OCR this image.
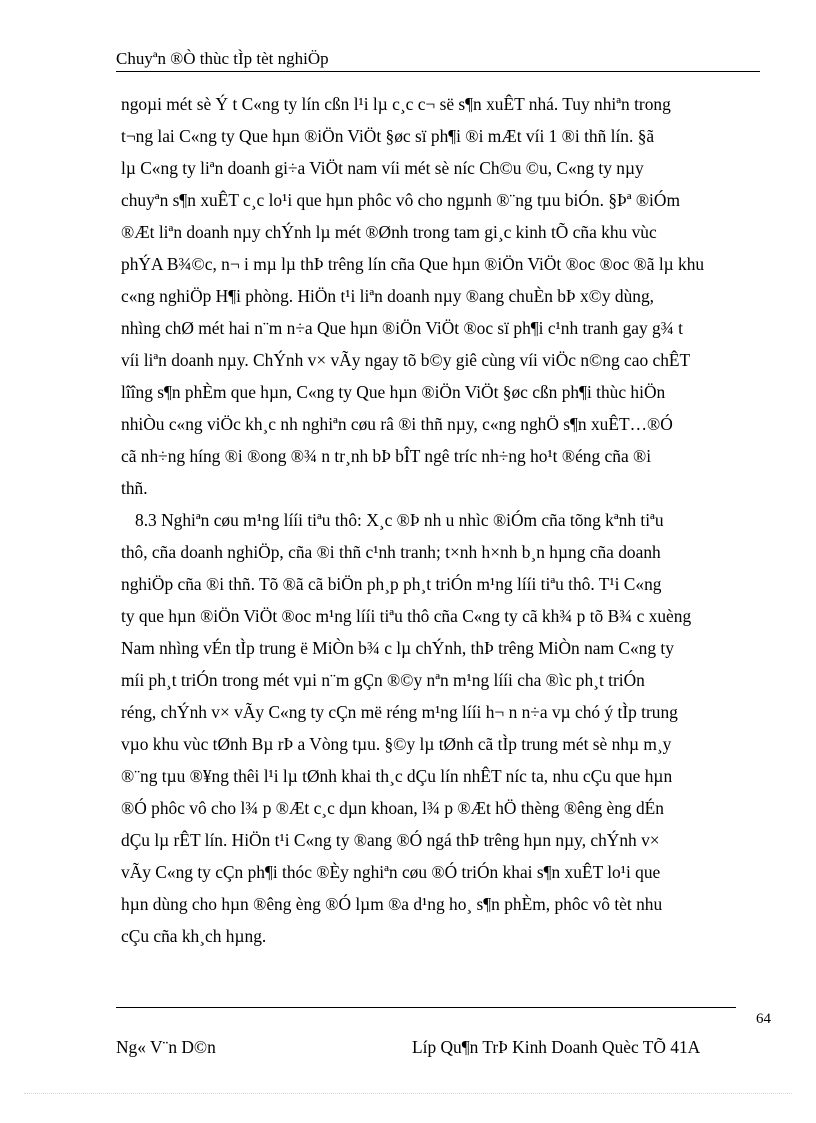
Chuyªn ®Ò thùc tÌp tèt nghiÖp
ngoµi mét sè Ý t C«ng ty lín cßn l¹i lµ c¸c c¬ së s¶n xuÊT nhá. Tuy nhiªn trong
t¬ng lai C«ng ty Que hµn ®iÖn ViÖt §øc sï ph¶i ®i mÆt víi 1 ®i thñ lín. §ã
lµ C«ng ty liªn doanh gi÷a ViÖt nam víi mét sè níc Ch©u ©u, C«ng ty nµy
chuyªn s¶n xuÊT c¸c lo¹i que hµn phôc vô cho ngµnh ®¨ng tµu biÓn. §Þª ®iÓm
®Æt liªn doanh nµy chÝnh lµ mét ®Ønh trong tam gi¸c kinh tÕ cña khu vùc
phÝA B¾©c, n¬ i mµ lµ thÞ trêng lín cña Que hµn ®iÖn ViÖt ®oc ®oc ®ã lµ khu
c«ng nghiÖp H¶i phòng. HiÖn t¹i liªn doanh nµy ®ang chuÈn bÞ x©y dùng,
nhìng chØ mét hai n¨m n÷a Que hµn ®iÖn ViÖt ®oc sï ph¶i c¹nh tranh gay g¾ t
víi liªn doanh nµy. ChÝnh v× vÃy ngay tõ b©y giê cùng víi viÖc n©ng cao chÊT
lîîng s¶n phÈm que hµn, C«ng ty Que hµn ®iÖn ViÖt §øc cßn ph¶i thùc hiÖn
nhiÒu c«ng viÖc kh¸c nh nghiªn cøu râ ®i thñ nµy, c«ng nghÖ s¶n xuÊT…®Ó
cã nh÷ng híng ®i ®ong ®¾ n tr¸nh bÞ bÎT ngê tríc nh÷ng ho¹t ®éng cña ®i
thñ.
8.3 Nghiªn cøu m¹ng lííi tiªu thô: X¸c ®Þ nh u nhìc ®iÓm cña tõng kªnh tiªu
thô, cña doanh nghiÖp, cña ®i thñ c¹nh tranh; t×nh h×nh b¸n hµng cña doanh
nghiÖp cña ®i thñ. Tõ ®ã cã biÖn ph¸p ph¸t triÓn m¹ng lííi tiªu thô. T¹i C«ng
ty que hµn ®iÖn ViÖt ®oc m¹ng lííi tiªu thô cña C«ng ty cã kh¾ p tõ B¾ c xuèng
Nam nhìng vÉn tÌp trung ë MiÒn b¾ c lµ chÝnh, thÞ trêng MiÒn nam C«ng ty
míi ph¸t triÓn trong mét vµi n¨m gÇn ®©y nªn m¹ng lííi cha ®ìc ph¸t triÓn
réng, chÝnh v× vÃy C«ng ty cÇn më réng m¹ng lííi h¬ n n÷a vµ chó ý tÌp trung
vµo khu vùc tØnh Bµ rÞ a Vòng tµu. §©y lµ tØnh cã tÌp trung mét sè nhµ m¸y
®¨ng tµu ®¥ng thêi l¹i lµ tØnh khai th¸c dÇu lín nhÊT níc ta, nhu cÇu que hµn
®Ó phôc vô cho l¾ p ®Æt c¸c dµn khoan, l¾ p ®Æt hÖ thèng ®êng èng dÉn
dÇu lµ rÊT lín. HiÖn t¹i C«ng ty ®ang ®Ó ngá thÞ trêng hµn nµy, chÝnh v×
vÃy C«ng ty cÇn ph¶i thóc ®Èy nghiªn cøu ®Ó triÓn khai s¶n xuÊT lo¹i que
hµn dùng cho hµn ®êng èng ®Ó lµm ®a d¹ng ho¸ s¶n phÈm, phôc vô tèt nhu
cÇu cña kh¸ch hµng.
64
Ng« V¨n D©n	Líp Qu¶n TrÞ Kinh Doanh Quèc TÕ 41A
